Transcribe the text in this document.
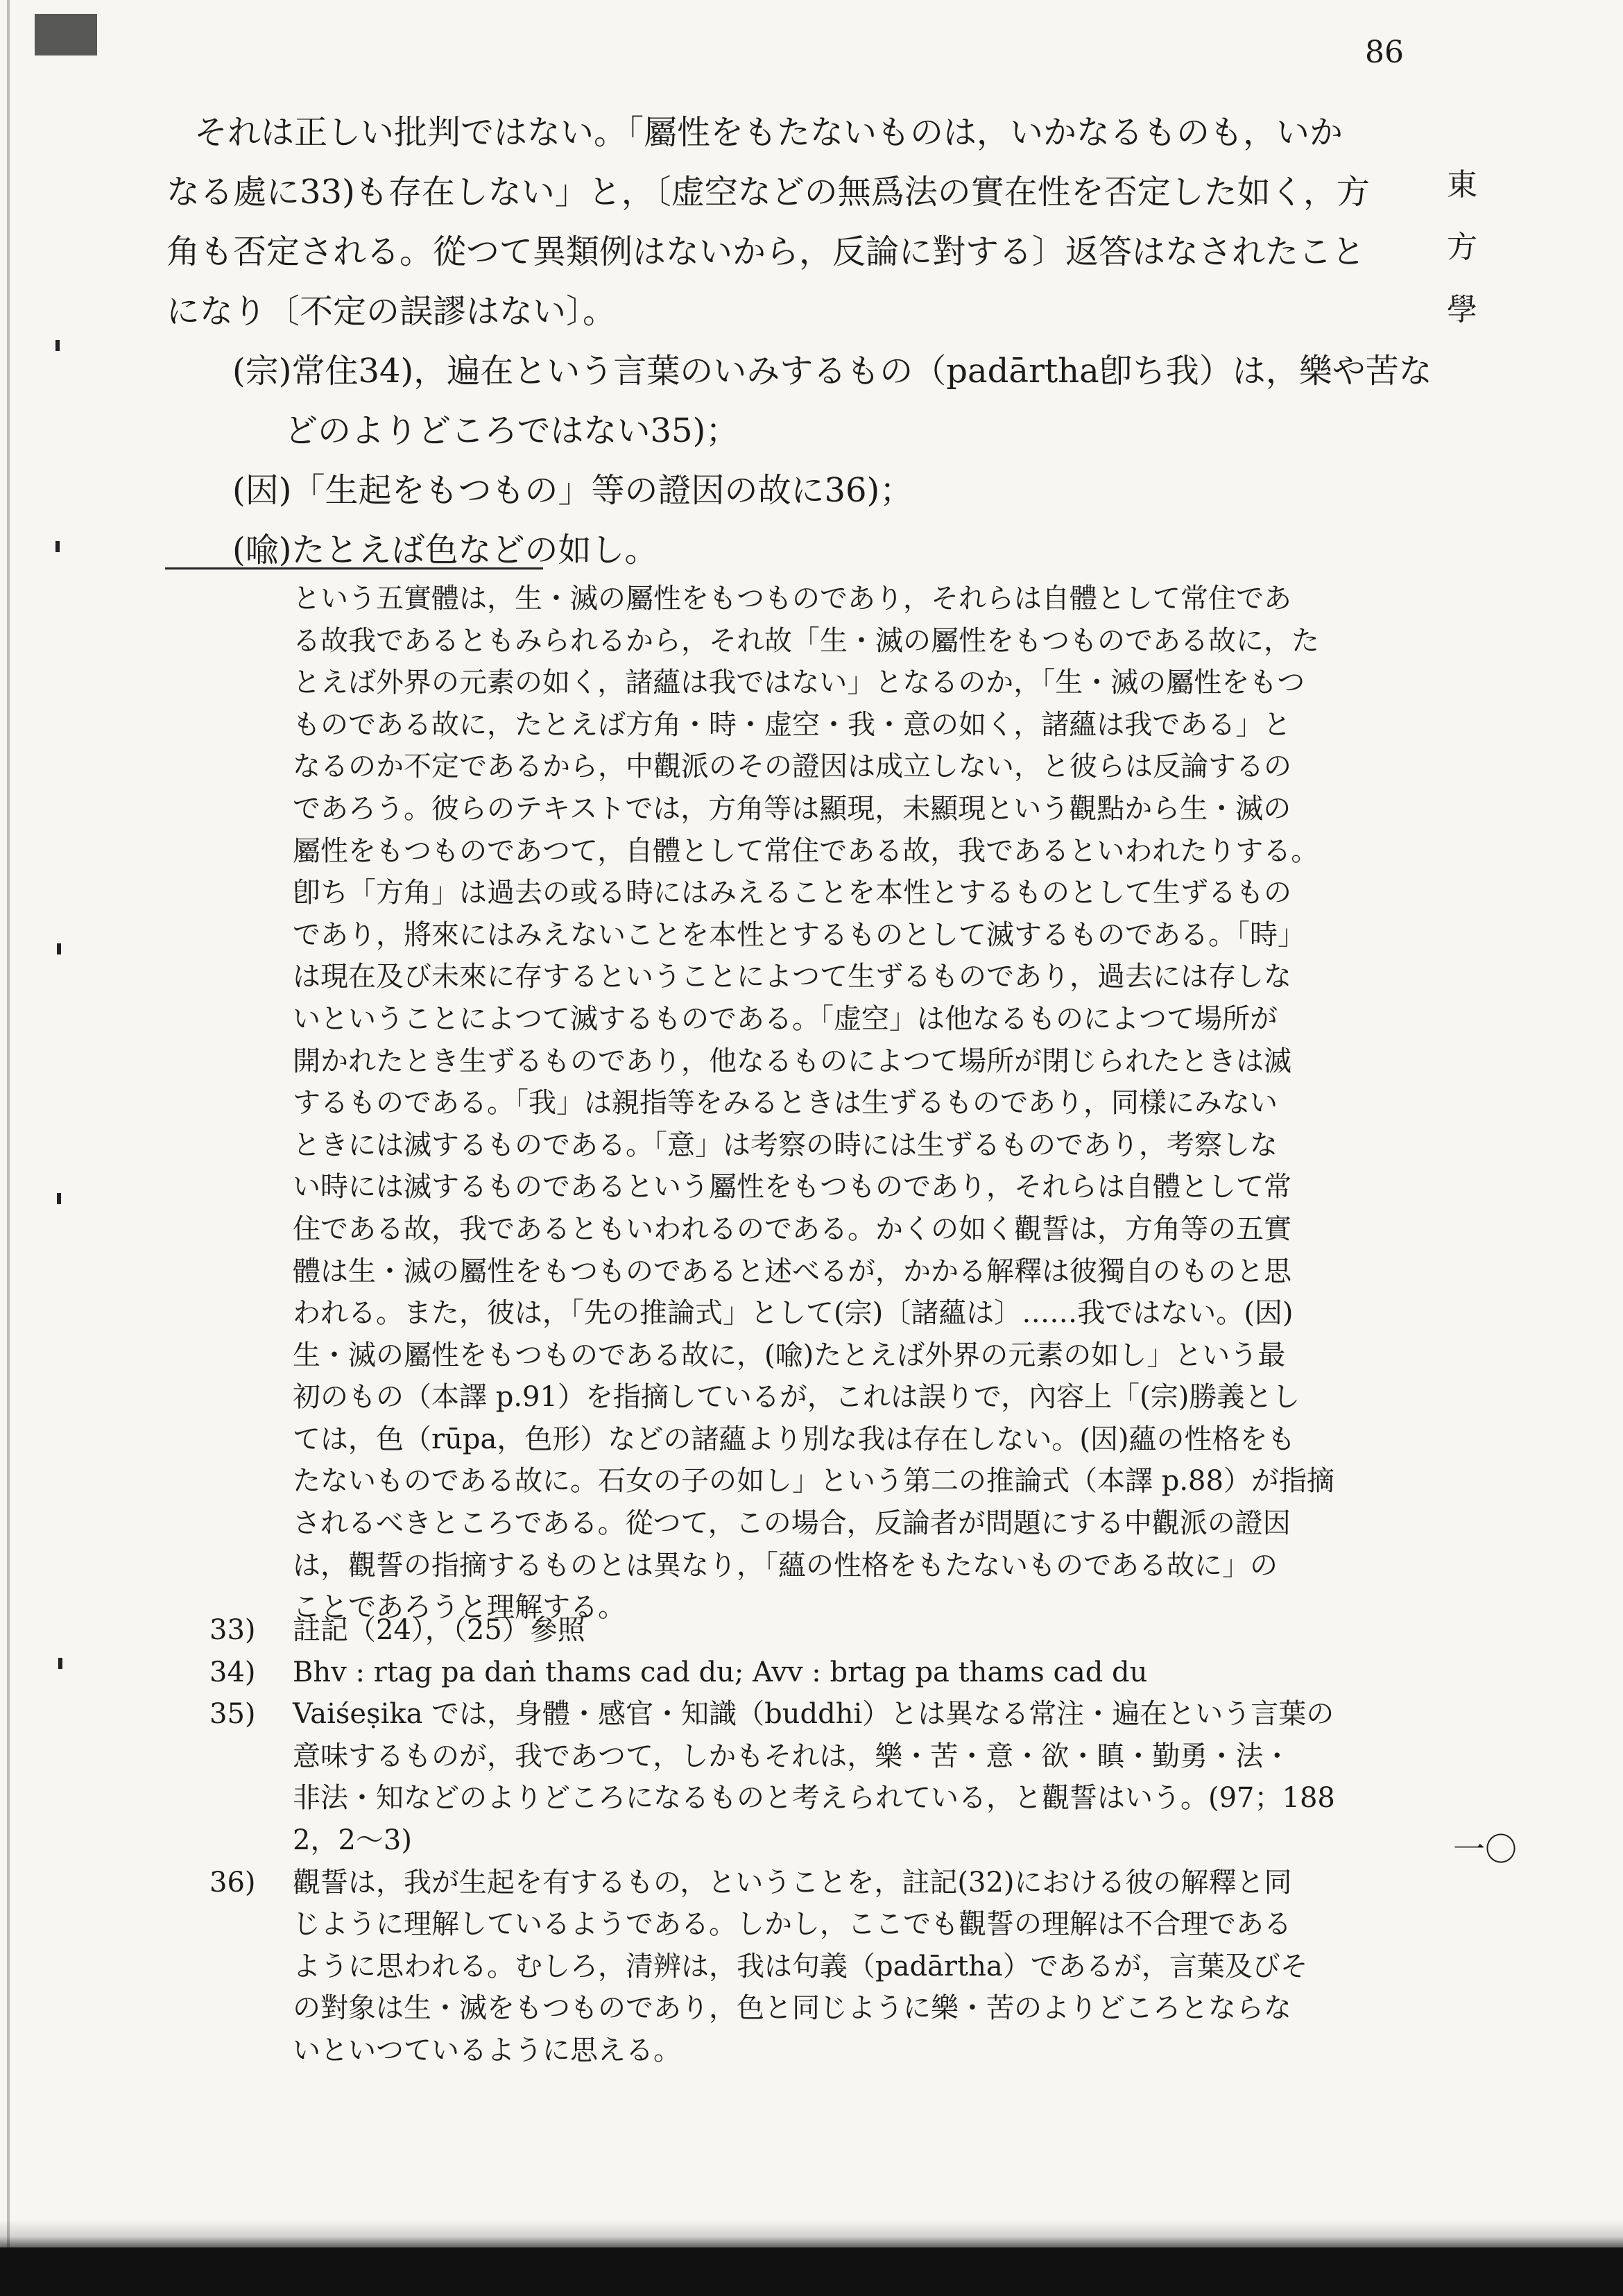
86
東
方
學
一〇
それは正しい批判ではない。「屬性をもたないものは，いかなるものも，いか
なる處に33)も存在しない」と，〔虚空などの無爲法の實在性を否定した如く，方
角も否定される。從つて異類例はないから，反論に對する〕返答はなされたこと
になり〔不定の誤謬はない〕。
(宗)常住34)，遍在という言葉のいみするもの（padārtha卽ち我）は，樂や苦な
どのよりどころではない35)；
(因)「生起をもつもの」等の證因の故に36)；
(喩)たとえば色などの如し。
という五實體は，生・滅の屬性をもつものであり，それらは自體として常住であ
る故我であるともみられるから，それ故「生・滅の屬性をもつものである故に，た
とえば外界の元素の如く，諸蘊は我ではない」となるのか，「生・滅の屬性をもつ
ものである故に，たとえば方角・時・虚空・我・意の如く，諸蘊は我である」と
なるのか不定であるから，中觀派のその證因は成立しない，と彼らは反論するの
であろう。彼らのテキストでは，方角等は顯現，未顯現という觀點から生・滅の
屬性をもつものであつて，自體として常住である故，我であるといわれたりする。
卽ち「方角」は過去の或る時にはみえることを本性とするものとして生ずるもの
であり，將來にはみえないことを本性とするものとして滅するものである。「時」
は現在及び未來に存するということによつて生ずるものであり，過去には存しな
いということによつて滅するものである。「虚空」は他なるものによつて場所が
開かれたとき生ずるものであり，他なるものによつて場所が閉じられたときは滅
するものである。「我」は親指等をみるときは生ずるものであり，同樣にみない
ときには滅するものである。「意」は考察の時には生ずるものであり，考察しな
い時には滅するものであるという屬性をもつものであり，それらは自體として常
住である故，我であるともいわれるのである。かくの如く觀誓は，方角等の五實
體は生・滅の屬性をもつものであると述べるが，かかる解釋は彼獨自のものと思
われる。また，彼は，「先の推論式」として(宗)〔諸蘊は〕……我ではない。(因)
生・滅の屬性をもつものである故に，(喩)たとえば外界の元素の如し」という最
初のもの（本譯 p.91）を指摘しているが，これは誤りで，內容上「(宗)勝義とし
ては，色（rūpa，色形）などの諸蘊より別な我は存在しない。(因)蘊の性格をも
たないものである故に。石女の子の如し」という第二の推論式（本譯 p.88）が指摘
されるべきところである。從つて，この場合，反論者が問題にする中觀派の證因
は，觀誓の指摘するものとは異なり，「蘊の性格をもたないものである故に」の
ことであろうと理解する。
33)	註記（24），（25）參照
34)	Bhv : rtag pa daṅ thams cad du; Avv : brtag pa thams cad du
35)	Vaiśeṣika では，身體・感官・知識（buddhi）とは異なる常注・遍在という言葉の
意味するものが，我であつて，しかもそれは，樂・苦・意・欲・瞋・勤勇・法・
非法・知などのよりどころになるものと考えられている，と觀誓はいう。(97；188
2，2～3)
36)	觀誓は，我が生起を有するもの，ということを，註記(32)における彼の解釋と同
じように理解しているようである。しかし，ここでも觀誓の理解は不合理である
ように思われる。むしろ，清辨は，我は句義（padārtha）であるが，言葉及びそ
の對象は生・滅をもつものであり，色と同じように樂・苦のよりどころとならな
いといつているように思える。
